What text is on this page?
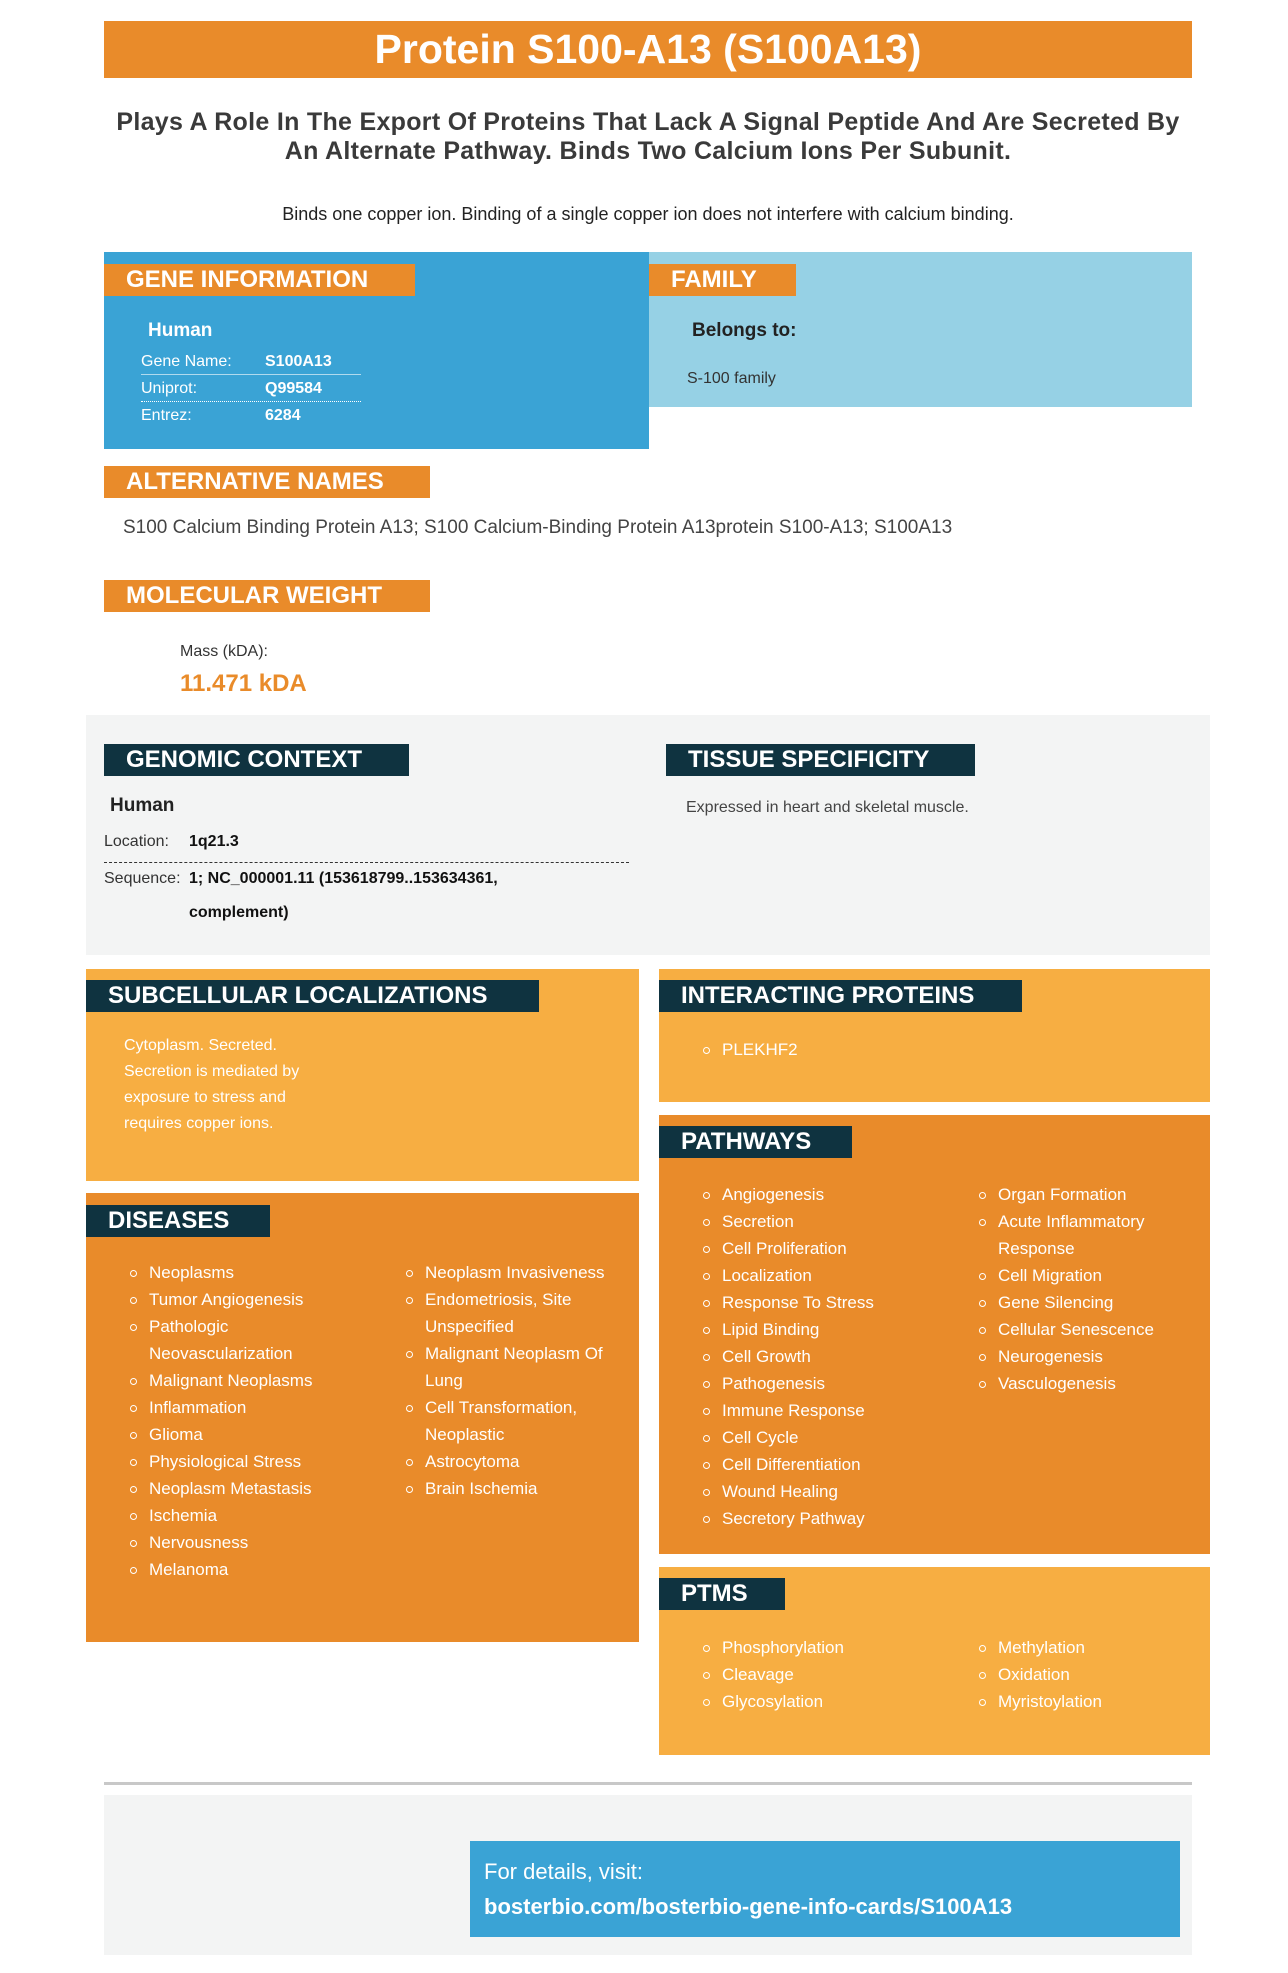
Protein S100-A13 (S100A13)
Plays A Role In The Export Of Proteins That Lack A Signal Peptide And Are Secreted By An Alternate Pathway. Binds Two Calcium Ions Per Subunit.
Binds one copper ion. Binding of a single copper ion does not interfere with calcium binding.
GENE INFORMATION
Human
Gene Name: S100A13
Uniprot:	Q99584
Entrez:	6284
FAMILY
Belongs to:
S-100 family
ALTERNATIVE NAMES
S100 Calcium Binding Protein A13; S100 Calcium-Binding Protein A13protein S100-A13; S100A13
MOLECULAR WEIGHT
Mass (kDA):
11.471 kDA
GENOMIC CONTEXT
Human
Location: 1q21.3
Sequence: 1; NC_000001.11 (153618799..153634361,
complement)
TISSUE SPECIFICITY
Expressed in heart and skeletal muscle.
SUBCELLULAR LOCALIZATIONS
Cytoplasm. Secreted.
Secretion is mediated by
exposure to stress and
requires copper ions.
INTERACTING PROTEINS
PLEKHF2
DISEASES
Neoplasms
Tumor Angiogenesis
Pathologic Neovascularization
Malignant Neoplasms
Inflammation
Glioma
Physiological Stress
Neoplasm Metastasis
Ischemia
Nervousness
Melanoma
Neoplasm Invasiveness
Endometriosis, Site Unspecified
Malignant Neoplasm Of Lung
Cell Transformation, Neoplastic
Astrocytoma
Brain Ischemia
PATHWAYS
Angiogenesis
Secretion
Cell Proliferation
Localization
Response To Stress
Lipid Binding
Cell Growth
Pathogenesis
Immune Response
Cell Cycle
Cell Differentiation
Wound Healing
Secretory Pathway
Organ Formation
Acute Inflammatory Response
Cell Migration
Gene Silencing
Cellular Senescence
Neurogenesis
Vasculogenesis
PTMS
Phosphorylation
Cleavage
Glycosylation
Methylation
Oxidation
Myristoylation
For details, visit:
bosterbio.com/bosterbio-gene-info-cards/S100A13
